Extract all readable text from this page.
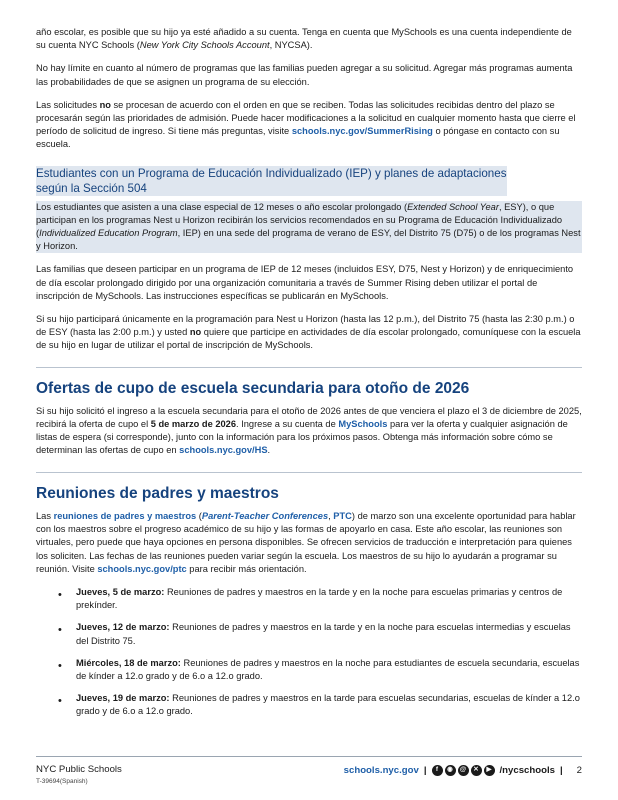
año escolar, es posible que su hijo ya esté añadido a su cuenta. Tenga en cuenta que MySchools es una cuenta independiente de su cuenta NYC Schools (New York City Schools Account, NYCSA).

No hay límite en cuanto al número de programas que las familias pueden agregar a su solicitud. Agregar más programas aumenta las probabilidades de que se asignen un programa de su elección.

Las solicitudes no se procesan de acuerdo con el orden en que se reciben. Todas las solicitudes recibidas dentro del plazo se procesarán según las prioridades de admisión. Puede hacer modificaciones a la solicitud en cualquier momento hasta que cierre el período de solicitud de ingreso. Si tiene más preguntas, visite schools.nyc.gov/SummerRising o póngase en contacto con su escuela.

Estudiantes con un Programa de Educación Individualizado (IEP) y planes de adaptaciones
según la Sección 504

Los estudiantes que asisten a una clase especial de 12 meses o año escolar prolongado (Extended School Year, ESY), o que participan en los programas Nest u Horizon recibirán los servicios recomendados en su Programa de Educación Individualizado (Individualized Education Program, IEP) en una sede del programa de verano de ESY, del Distrito 75 (D75) o de los programas Nest y Horizon.

Las familias que deseen participar en un programa de IEP de 12 meses (incluidos ESY, D75, Nest y Horizon) y de enriquecimiento de día escolar prolongado dirigido por una organización comunitaria a través de Summer Rising deben utilizar el portal de inscripción de MySchools. Las instrucciones específicas se publicarán en MySchools.

Si su hijo participará únicamente en la programación para Nest u Horizon (hasta las 12 p.m.), del Distrito 75 (hasta las 2:30 p.m.) o de ESY (hasta las 2:00 p.m.) y usted no quiere que participe en actividades de día escolar prolongado, comuníquese con la escuela de su hijo en lugar de utilizar el portal de inscripción de MySchools.

Ofertas de cupo de escuela secundaria para otoño de 2026

Si su hijo solicitó el ingreso a la escuela secundaria para el otoño de 2026 antes de que venciera el plazo el 3 de diciembre de 2025, recibirá la oferta de cupo el 5 de marzo de 2026. Ingrese a su cuenta de MySchools para ver la oferta y cualquier asignación de listas de espera (si corresponde), junto con la información para los próximos pasos. Obtenga más información sobre cómo se determinan las ofertas de cupo en schools.nyc.gov/HS.

Reuniones de padres y maestros

Las reuniones de padres y maestros (Parent-Teacher Conferences, PTC) de marzo son una excelente oportunidad para hablar con los maestros sobre el progreso académico de su hijo y las formas de apoyarlo en casa. Este año escolar, las reuniones son virtuales, pero puede que haya opciones en persona disponibles. Se ofrecen servicios de traducción e interpretación para quienes los soliciten. Las fechas de las reuniones pueden variar según la escuela. Los maestros de su hijo lo ayudarán a programar su reunión. Visite schools.nyc.gov/ptc para recibir más orientación.

• Jueves, 5 de marzo: Reuniones de padres y maestros en la tarde y en la noche para escuelas primarias y centros de prekínder.
• Jueves, 12 de marzo: Reuniones de padres y maestros en la tarde y en la noche para escuelas intermedias y escuelas del Distrito 75.
• Miércoles, 18 de marzo: Reuniones de padres y maestros en la noche para estudiantes de escuela secundaria, escuelas de kínder a 12.o grado y de 6.o a 12.o grado.
• Jueves, 19 de marzo: Reuniones de padres y maestros en la tarde para escuelas secundarias, escuelas de kínder a 12.o grado y de 6.o a 12.o grado.
NYC Public Schools
T-39694(Spanish)
schools.nyc.gov |	f	◉	@	✕	▶ /nycschools | 2
